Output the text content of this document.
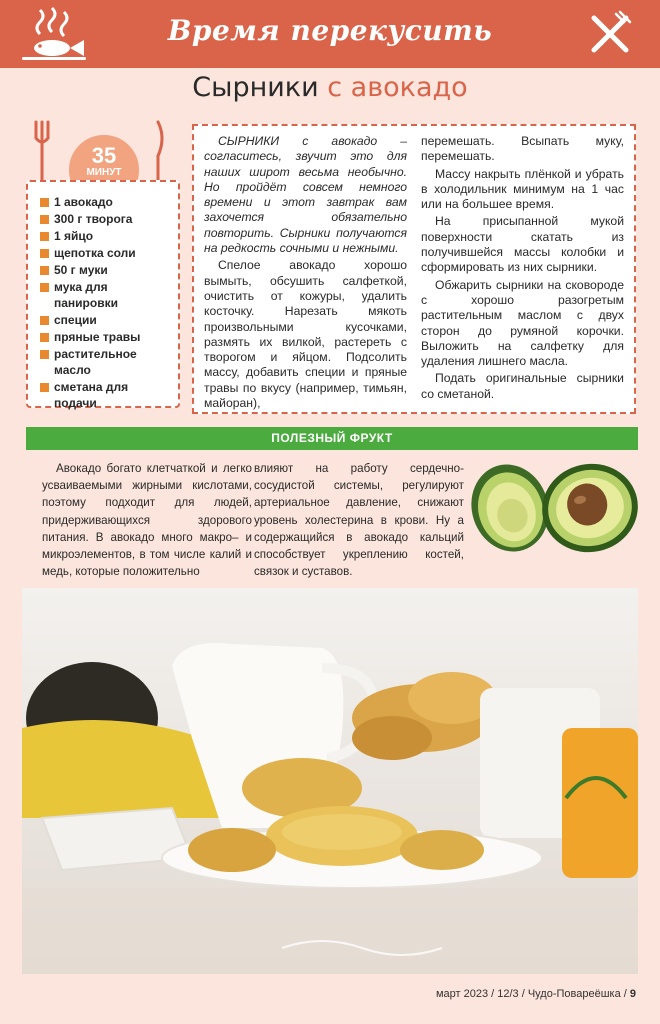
Время перекусить
Сырники с авокадо
35
МИНУТ
1 авокадо
300 г творога
1 яйцо
щепотка соли
50 г муки
мука для панировки
специи
пряные травы
растительное масло
сметана для подачи

СЫРНИКИ с авокадо – согласитесь, звучит это для наших широт весьма необычно. Но пройдёт совсем немного времени и этот завтрак вам захочется обязательно повторить. Сырники получаются на редкость сочными и нежными.

Спелое авокадо хорошо вымыть, обсушить салфеткой, очистить от кожуры, удалить косточку. Нарезать мякоть произвольными кусочками, размять их вилкой, растереть с творогом и яйцом. Подсолить массу, добавить специи и пряные травы по вкусу (например, тимьян, майоран),

перемешать. Всыпать муку, перемешать.

Массу накрыть плёнкой и убрать в холодильник минимум на 1 час или на большее время.

На присыпанной мукой поверхности скатать из получившейся массы колобки и сформировать из них сырники.

Обжарить сырники на сковороде с хорошо разогретым растительным маслом с двух сторон до румяной корочки. Выложить на салфетку для удаления лишнего масла.

Подать оригинальные сырники со сметаной.

ПОЛЕЗНЫЙ ФРУКТ
Авокадо богато клетчаткой и легко усваиваемыми жирными кислотами, поэтому подходит для людей, придерживающихся здорового питания. В авокадо много макро– и микроэлементов, в том числе калий и медь, которые положительно
влияют на работу сердечно-сосудистой системы, регулируют артериальное давление, снижают уровень холестерина в крови. Ну а содержащийся в авокадо кальций способствует укреплению костей, связок и суставов.
март 2023 / 12/3 / Чудо-Повареёшка / 9
